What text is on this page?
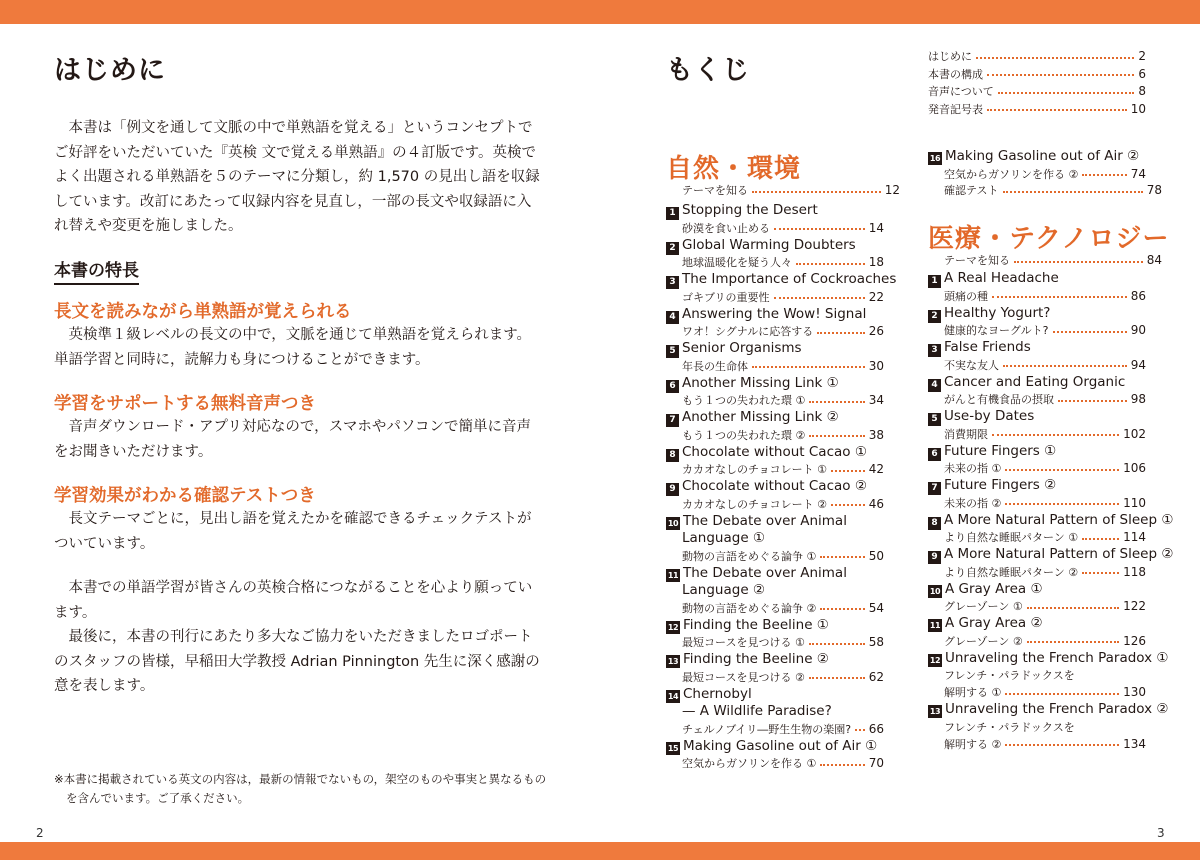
はじめに

本書は「例文を通して文脈の中で単熟語を覚える」というコンセプトでご好評をいただいていた『英検 文で覚える単熟語』の４訂版です。英検でよく出題される単熟語を５のテーマに分類し，約 1,570 の見出し語を収録しています。改訂にあたって収録内容を見直し，一部の長文や収録語に入れ替えや変更を施しました。

本書の特長
長文を読みながら単熟語が覚えられる

英検準１級レベルの長文の中で，文脈を通じて単熟語を覚えられます。単語学習と同時に，読解力も身につけることができます。

学習をサポートする無料音声つき

音声ダウンロード・アプリ対応なので，スマホやパソコンで簡単に音声をお聞きいただけます。

学習効果がわかる確認テストつき

長文テーマごとに，見出し語を覚えたかを確認できるチェックテストがついています。

本書での単語学習が皆さんの英検合格につながることを心より願っています。

最後に，本書の刊行にあたり多大なご協力をいただきましたロゴポートのスタッフの皆様，早稲田大学教授 Adrian Pinnington 先生に深く感謝の意を表します。

※本書に掲載されている英文の内容は，最新の情報でないもの，架空のものや事実と異なるものを含んでいます。ご了承ください。
2
もくじ
自然・環境
医療・テクノロジー
はじめに	2
本書の構成	6
音声について	8
発音記号表	10
テーマを知る	12
1 Stopping the Desert
砂漠を食い止める	14
2 Global Warming Doubters
地球温暖化を疑う人々	18
3 The Importance of Cockroaches
ゴキブリの重要性	22
4 Answering the Wow! Signal
ワオ！シグナルに応答する	26
5 Senior Organisms
年長の生命体	30
6 Another Missing Link ①
もう１つの失われた環 ①	34
7 Another Missing Link ②
もう１つの失われた環 ②	38
8 Chocolate without Cacao ①
カカオなしのチョコレート ①	42
9 Chocolate without Cacao ②
カカオなしのチョコレート ②	46
10 The Debate over Animal
Language ①
動物の言語をめぐる論争 ①	50
11 The Debate over Animal
Language ②
動物の言語をめぐる論争 ②	54
12 Finding the Beeline ①
最短コースを見つける ①	58
13 Finding the Beeline ②
最短コースを見つける ②	62
14 Chernobyl
— A Wildlife Paradise?
チェルノブイリ―野生生物の楽園? 66
15 Making Gasoline out of Air ①
空気からガソリンを作る ①	70
16 Making Gasoline out of Air ②
空気からガソリンを作る ②	74
確認テスト	78
テーマを知る	84
1 A Real Headache
頭痛の種	86
2 Healthy Yogurt?
健康的なヨーグルト?	90
3 False Friends
不実な友人	94
4 Cancer and Eating Organic
がんと有機食品の摂取	98
5 Use-by Dates
消費期限	102
6 Future Fingers ①
未来の指 ①	106
7 Future Fingers ②
未来の指 ②	110
8 A More Natural Pattern of Sleep ①
より自然な睡眠パターン ①	114
9 A More Natural Pattern of Sleep ②
より自然な睡眠パターン ②	118
10 A Gray Area ①
グレーゾーン ①	122
11 A Gray Area ②
グレーゾーン ②	126
12 Unraveling the French Paradox ①
フレンチ・パラドックスを
解明する ①	130
13 Unraveling the French Paradox ②
フレンチ・パラドックスを
解明する ②	134
3
